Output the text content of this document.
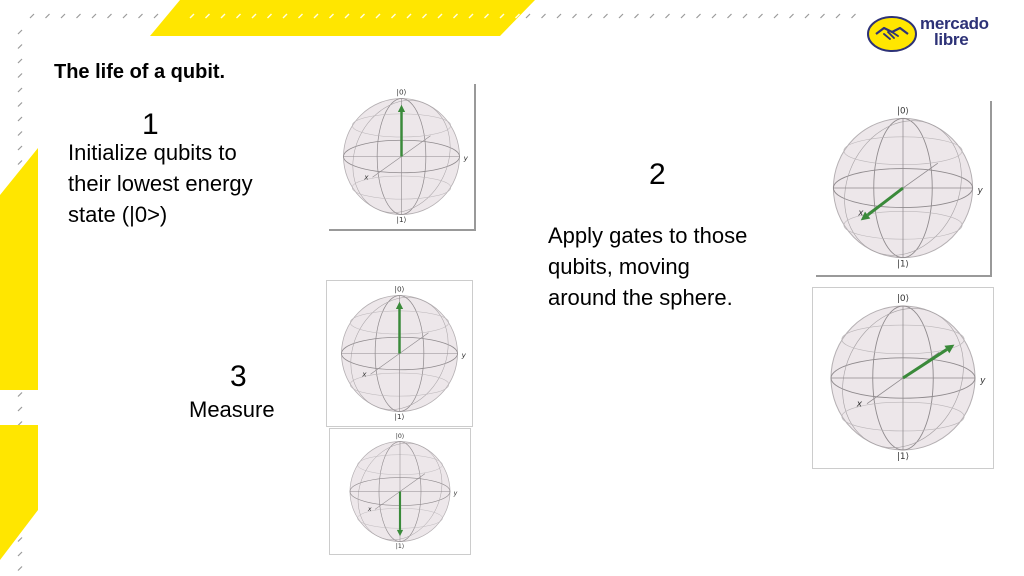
mercado
libre
The life of a qubit.
1
Initialize qubits to
their lowest energy
state (|0>)
2
Apply gates to those
qubits, moving
around the sphere.
3
Measure
|0⟩
|1⟩
x
y
|0⟩
|1⟩
x
y
|0⟩
|1⟩
x
y
|0⟩
|1⟩
x
y
|0⟩
|1⟩
x
y
